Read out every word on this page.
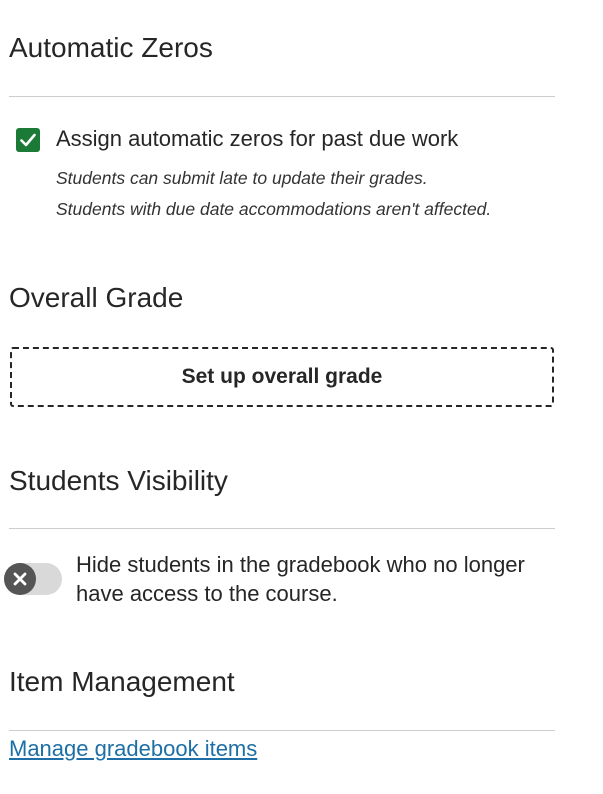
Automatic Zeros
Assign automatic zeros for past due work
Students can submit late to update their grades.
Students with due date accommodations aren't affected.
Overall Grade
Set up overall grade
Students Visibility
Hide students in the gradebook who no longer have access to the course.
Item Management
Manage gradebook items
